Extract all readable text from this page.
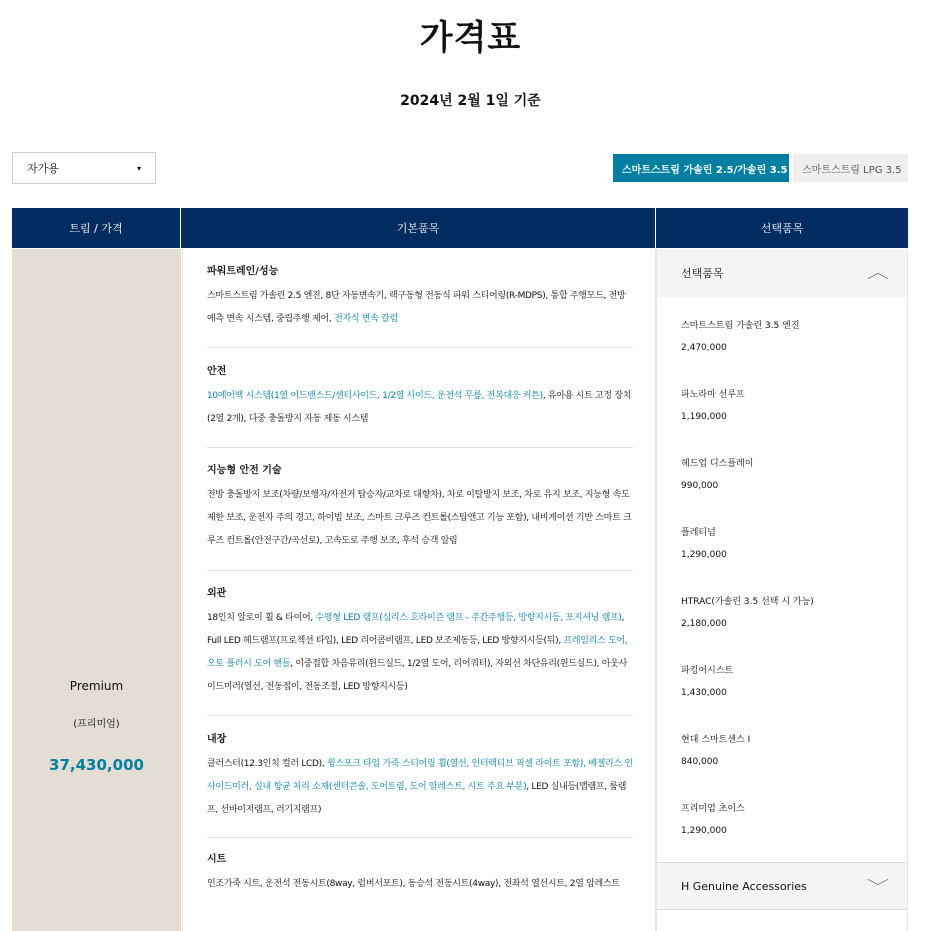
가격표
2024년 2월 1일 기준
자가용	▾	스마트스트림 가솔린 2.5/가솔린 3.5	스마트스트림 LPG 3.5
트림 / 가격	기본품목	선택품목
Premium
(프리미엄)
37,430,000
파워트레인/성능
스마트스트림 가솔린 2.5 엔진, 8단 자동변속기, 랙구동형 전동식 파워 스티어링(R-MDPS), 통합 주행모드, 전방 예측 변속 시스템, 중립주행 제어, 전자식 변속 칼럼
안전
10에어백 시스템(1열 어드밴스드/센터사이드, 1/2열 사이드, 운전석 무릎, 전복대응 커튼), 유아용 시트 고정 장치(2열 2개), 다중 충돌방지 자동 제동 시스템
지능형 안전 기술
전방 충돌방지 보조(차량/보행자/자전거 탑승자/교차로 대향차), 차로 이탈방지 보조, 차로 유지 보조, 지능형 속도 제한 보조, 운전자 주의 경고, 하이빔 보조, 스마트 크루즈 컨트롤(스탑앤고 기능 포함), 내비게이션 기반 스마트 크루즈 컨트롤(안전구간/곡선로), 고속도로 주행 보조, 후석 승객 알림
외관
18인치 알로이 휠 & 타이어, 수평형 LED 램프(심리스 호라이즌 램프 - 주간주행등, 방향지시등, 포지셔닝 램프), Full LED 헤드램프(프로젝션 타입), LED 리어콤비램프, LED 보조제동등, LED 방향지시등(뒤), 프레임리스 도어, 오토 플러시 도어 핸들, 이중접합 차음유리(윈드실드, 1/2열 도어, 리어쿼터), 자외선 차단유리(윈드실드), 아웃사이드미러(열선, 전동접이, 전동조절, LED 방향지시등)
내장
클러스터(12.3인치 컬러 LCD), 윙스포크 타입 가죽 스티어링 휠(열선, 인터랙티브 픽셀 라이트 포함), 베젤리스 인사이드미러, 실내 항균 처리 소재(센터콘솔, 도어트림, 도어 암레스트, 시트 주요 부분), LED 실내등(맵램프, 룸램프, 선바이저램프, 러기지램프)
시트
인조가죽 시트, 운전석 전동시트(8way, 럼버서포트), 동승석 전동시트(4way), 전좌석 열선시트, 2열 암레스트
선택품목	︿
H Genuine Accessories	﹀
스마트스트림 가솔린 3.5 엔진
2,470,000
파노라마 선루프
1,190,000
헤드업 디스플레이
990,000
플레티넘
1,290,000
HTRAC(가솔린 3.5 선택 시 가능)
2,180,000
파킹어시스트
1,430,000
현대 스마트센스 I
840,000
프리미엄 초이스
1,290,000
